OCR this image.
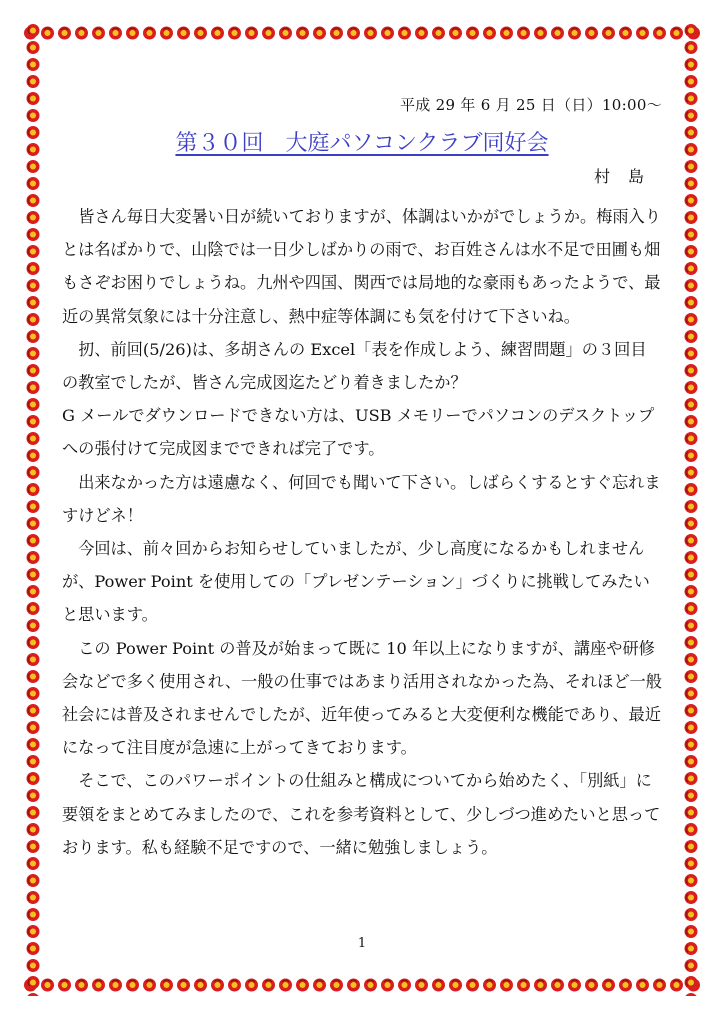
平成 29 年 6 月 25 日（日）10:00～
第３０回　大庭パソコンクラブ同好会
村島

皆さん毎日大変暑い日が続いておりますが、体調はいかがでしょうか。梅雨入りとは名ばかりで、山陰では一日少しばかりの雨で、お百姓さんは水不足で田圃も畑もさぞお困りでしょうね。九州や四国、関西では局地的な豪雨もあったようで、最近の異常気象には十分注意し、熱中症等体調にも気を付けて下さいね。

扨、前回(5/26)は、多胡さんの Excel「表を作成しよう、練習問題」の３回目の教室でしたが、皆さん完成図迄たどり着きましたか？

G メールでダウンロードできない方は、USB メモリーでパソコンのデスクトップへの張付けて完成図までできれば完了です。

出来なかった方は遠慮なく、何回でも聞いて下さい。しばらくするとすぐ忘れますけどネ！

今回は、前々回からお知らせしていましたが、少し高度になるかもしれませんが、Power Point を使用しての「プレゼンテーション」づくりに挑戦してみたいと思います。

この Power Point の普及が始まって既に 10 年以上になりますが、講座や研修会などで多く使用され、一般の仕事ではあまり活用されなかった為、それほど一般社会には普及されませんでしたが、近年使ってみると大変便利な機能であり、最近になって注目度が急速に上がってきております。

そこで、このパワーポイントの仕組みと構成についてから始めたく、「別紙」に要領をまとめてみましたので、これを参考資料として、少しづつ進めたいと思っております。私も経験不足ですので、一緒に勉強しましょう。

1
